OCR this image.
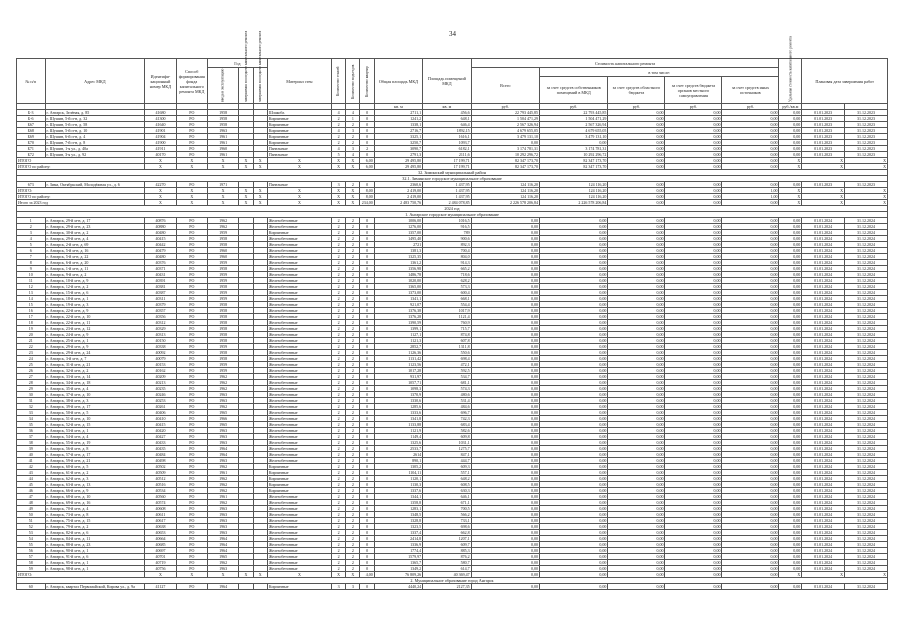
34
№ п/п	Адрес МКД	Идентифи-кационный номер МКД	Способ формирования фонда капитального ремонта МКД	Год			Материал стен	Количество этажей	Количество подъездов	Количество квартир	Общая площадь МКД	Площадь помещений МКД	Стоимость капитального ремонта					Удельная стоимость капитального ремонта	Плановая дата завершения работ	
				ввода в эксплуатацию	завершения последнего капитального ремонта	завершения последнего капитального ремонта							Всего	в том числе:						
														за счет средств собственников помещений в МКД	за счет средств областного бюджета	за счет средств бюджета органов местного самоуправления	за счет средств иных источников			
											кв. м	кв. м	руб.	руб.	руб.	руб.	руб.	руб./кв.м		
Б-3	г. Ангарск, Зелёная, д. 85	41680	РО	1958			Шлакобл.	4	4	0	2711,1	456,6	22 793 445,85	22 793 445,85	0,00	0,00	0,00	0,00	01.01.2023	31.12.2023
Б-6	г. Шушин, 5-й п-н, д. 32	41300	РО	1958			Кирпичные	2	1	0	1241,2	648,1	1 504 471,29	1 504 471,29	0,00	0,00	0,00	0,00	01.01.2023	31.12.2023
Б67	г. Шушин, 5-й п-н, д. 58	41640	РО	1958			Кирпичные	2	2	0	1338,1	646,4	2 567 326,94	2 567 326,94	0,00	0,00	0,00	0,00	01.01.2023	31.12.2023
Б68	г. Шушин, 5-й п-н, д. 10	41901	РО	1963			Кирпичные	4	3	0	2716,7	1892,15	4 679 655,05	4 679 655,05	0,00	0,00	0,00	0,00	01.01.2023	31.12.2023
Б69	г. Шушин, 6-й п-н, д. 4	41904	РО	1961			Кирпичные	2	2	0	3325,1	1616,1	3 479 131,10	3 479 131,10	0,00	0,00	0,00	0,00	01.01.2023	31.12.2023
Б70	г. Шушин, 7-й п-н, д. 8	41900	РО	1961			Кирпичные	2	2	0	3250,7	1093,7	0,00	0,00	0,00	0,00	0,00	0,00	01.01.2023	31.12.2023
Б71	г. Шушин, 1-я ул., д. 40а	41911	РО	1960			Панельные	4	3	2	3090,7	6182,1	3 174 781,31	3 174 781,31	0,00	0,00	0,00	0,00	01.01.2023	31.12.2023
Б72	г. Шушин, 3-я ул., д. 92	40170	РО	1961			Панельные	5	4	0	2791,3	2111,6	10 292 296,72	10 292 296,72	0,00	0,00	0,00	0,00	01.01.2023	31.12.2023
ИТОГО		X	X	X	X	X	X	X	X	6,00	29 495,80	17 199,71	82 347 173,70	82 347 173,70	0,00	0,00	0,00	X	X	X
ИТОГО по району:		X	X	X	X	X	X	X	X	6,00	29 495,80	17 199,71	82 347 173,70	82 347 173,70	0,00	0,00	0,00	X	X	X
32. Зиминский муниципальный район																				
32.1. Зиминское городское муниципальное образование																				
673	г. Зима, Октябрьский, Молодёжная ул., д. 6	42270	РО	1971			Панельные	3	2	0	2360,6	1 437,95	124 116,20	124 116,20	0,00	0,00	0,00	0,00	01.01.2023	31.12.2023
ИТОГО:		X	X	X	X	X	X	X	X	8,00	2 419,00	1 437,95	124 116,20	124 116,20	0,00	0,00	1,00	X	X	X
ИТОГО по району:		X	X	X	X	X	X	X	X	8,00	2 419,00	1 437,95	124 116,20	124 116,20	0,00	0,00	1,00	X	X	X
Итого за 2023 год		X	X	X	X	X	X	X	X	234,00	2 483 750,76	2 484 078,85	2 226 578 206,84	2 226 578 206,84	0,00	0,00	0,00	X	X	X
2024 год																				
1. Ангарское городское муниципальное образование																				
1	г. Ангарск, 29-й м-н, д. 17	40876	РО	1962			Железобетонные	2	2	0	1006,00	1016,5	0,00	0,00	0,00	0,00	0,00	0,00	01.01.2024	31.12.2024
2	г. Ангарск, 29-й м-н, д. 23	40880	РО	1962			Железобетонные	2	2	0	1276,00	916,5	0,00	0,00	0,00	0,00	0,00	0,00	01.01.2024	31.12.2024
3	г. Ангарск, 30-й м-н, д. 2	40480	РО	1959			Кирпичные	2	2	0	1357,00	789	0,00	0,00	0,00	0,00	0,00	0,00	01.01.2024	31.12.2024
4	г. Ангарск, 29-й м-н, д. 4	40415	РО	1958			Железобетонные	2	2	0	1495,40	900,6	0,00	0,00	0,00	0,00	0,00	0,00	01.01.2024	31.12.2024
5	г. Ангарск, 2-й м-н, д. 69	40442	РО	1958			Железобетонные	2	2	0	2721	892,3	0,00	0,00	0,00	0,00	0,00	0,00	01.01.2024	31.12.2024
6	г. Ангарск, 5-й м-н, д. 16	40479	РО	1960			Железобетонные	2	2	0	1381,3	700,4	0,00	0,00	0,00	0,00	0,00	0,00	01.01.2024	31.12.2024
7	г. Ангарск, 5-й м-н, д. 22	40480	РО	1960			Железобетонные	2	2	0	1325,35	804,0	0,00	0,00	0,00	0,00	0,00	0,00	01.01.2024	31.12.2024
8	г. Ангарск, 6-й м-н, д. 20	40376	РО	1959			Железобетонные	2	2	0	1361,2	914,3	0,00	0,00	0,00	0,00	0,00	0,00	01.01.2024	31.12.2024
9	г. Ангарск, 1-й м-н, д. 11	40371	РО	1958			Железобетонные	2	2	0	1356,98	665,2	0,00	0,00	0,00	0,00	0,00	0,00	01.01.2024	31.12.2024
10	г. Ангарск, 9-й м-н, д. 2	40431	РО	1959			Железобетонные	2	2	0	1486,78	718,6	0,00	0,00	0,00	0,00	0,00	0,00	01.01.2024	31.12.2024
11	г. Ангарск, 10-й м-н, д. 9	40391	РО	1959			Железобетонные	2	2	0	1020,00	628,2	0,00	0,00	0,00	0,00	0,00	0,00	01.01.2024	31.12.2024
12	г. Ангарск, 12-й м-н, д. 2	40381	РО	1958			Железобетонные	2	2	0	1365,00	573,3	0,00	0,00	0,00	0,00	0,00	0,00	01.01.2024	31.12.2024
13	г. Ангарск, 15-й м-н, д. 6	40387	РО	1959			Железобетонные	2	2	0	1373,00	600,4	0,00	0,00	0,00	0,00	0,00	0,00	01.01.2024	31.12.2024
14	г. Ангарск, 18-й м-н, д. 1	40311	РО	1959			Железобетонные	2	2	0	1341,1	668,1	0,00	0,00	0,00	0,00	0,00	0,00	01.01.2024	31.12.2024
15	г. Ангарск, 19-й м-н, д. 3	40379	РО	1958			Железобетонные	2	2	0	921,07	554,4	0,00	0,00	0,00	0,00	0,00	0,00	01.01.2024	31.12.2024
16	г. Ангарск, 22-й м-н, д. 9	40357	РО	1958			Железобетонные	2	2	0	1376,38	1017,9	0,00	0,00	0,00	0,00	0,00	0,00	01.01.2024	31.12.2024
17	г. Ангарск, 22-й м-н, д. 10	40356	РО	1958			Железобетонные	2	2	0	1376,28	1121,4	0,00	0,00	0,00	0,00	0,00	0,00	01.01.2024	31.12.2024
18	г. Ангарск, 22-й м-н, д. 11	40312	РО	1958			Железобетонные	2	2	0	1390,59	760,9	0,00	0,00	0,00	0,00	0,00	0,00	01.01.2024	31.12.2024
19	г. Ангарск, 23-й м-н, д. 12	40329	РО	1958			Железобетонные	2	2	0	1399,1	715,7	0,00	0,00	0,00	0,00	0,00	0,00	01.01.2024	31.12.2024
20	г. Ангарск, 24-й м-н, д. 9	40313	РО	1958			Железобетонные	2	2	0	1127,1	874,8	0,00	0,00	0,00	0,00	0,00	0,00	01.01.2024	31.12.2024
21	г. Ангарск, 25-й м-н, д. 1	40150	РО	1958			Железобетонные	2	2	0	1121,3	607,8	0,00	0,00	0,00	0,00	0,00	0,00	01.01.2024	31.12.2024
22	г. Ангарск, 29-й м-н, д. 9	40338	РО	1959			Железобетонные	2	2	0	2852,7	1311,8	0,00	0,00	0,00	0,00	0,00	0,00	01.01.2024	31.12.2024
23	г. Ангарск, 29-й м-н, д. 24	40092	РО	1958			Железобетонные	2	2	0	1126,36	550,6	0,00	0,00	0,00	0,00	0,00	0,00	01.01.2024	31.12.2024
24	г. Ангарск, 3-й м-н, д. 7	40079	РО	1958			Железобетонные	2	2	0	1131,42	698,4	0,00	0,00	0,00	0,00	0,00	0,00	01.01.2024	31.12.2024
25	г. Ангарск, 31-й м-н, д. 21	40153	РО	1959			Железобетонные	2	2	0	1123,56	472,1	0,00	0,00	0,00	0,00	0,00	0,00	01.01.2024	31.12.2024
26	г. Ангарск, 32-й м-н, д. 2	40162	РО	1959			Железобетонные	2	2	0	1017,28	592,5	0,00	0,00	0,00	0,00	0,00	0,00	01.01.2024	31.12.2024
27	г. Ангарск, 33-й м-н, д. 14	40209	РО	1962			Железобетонные	2	2	0	931,97	534,7	0,00	0,00	0,00	0,00	0,00	0,00	01.01.2024	31.12.2024
28	г. Ангарск, 34-й м-н, д. 18	40213	РО	1962			Железобетонные	2	2	0	1057,71	681,1	0,00	0,00	0,00	0,00	0,00	0,00	01.01.2024	31.12.2024
29	г. Ангарск, 35-й м-н, д. 4	40235	РО	1962			Железобетонные	2	2	0	1098,3	574,3	0,00	0,00	0,00	0,00	0,00	0,00	01.01.2024	31.12.2024
30	г. Ангарск, 37-й м-н, д. 10	40246	РО	1963			Железобетонные	2	2	0	1370,9	480,6	0,00	0,00	0,00	0,00	0,00	0,00	01.01.2024	31.12.2024
31	г. Ангарск, 38-й м-н, д. 3	40253	РО	1963			Железобетонные	2	2	0	1330,6	531,4	0,00	0,00	0,00	0,00	0,00	0,00	01.01.2024	31.12.2024
32	г. Ангарск, 39-й м-н, д. 17	40261	РО	1962			Железобетонные	2	2	0	1285,6	484,6	0,00	0,00	0,00	0,00	0,00	0,00	01.01.2024	31.12.2024
33	г. Ангарск, 50-й м-н, д. 5	40406	РО	1965			Железобетонные	2	2	0	1333,6	696,7	0,00	0,00	0,00	0,00	0,00	0,00	01.01.2024	31.12.2024
34	г. Ангарск, 51-й м-н, д. 10	40410	РО	1966			Железобетонные	2	2	0	1341,8	742,3	0,00	0,00	0,00	0,00	0,00	0,00	01.01.2024	31.12.2024
35	г. Ангарск, 52-й м-н, д. 15	40415	РО	1965			Железобетонные	2	2	0	1133,88	683,4	0,00	0,00	0,00	0,00	0,00	0,00	01.01.2024	31.12.2024
36	г. Ангарск, 53-й м-н, д. 1	40420	РО	1963			Железобетонные	2	2	0	1121,9	582,6	0,00	0,00	0,00	0,00	0,00	0,00	01.01.2024	31.12.2024
37	г. Ангарск, 54-й м-н, д. 4	40427	РО	1963			Железобетонные	2	2	0	1149,4	609,8	0,00	0,00	0,00	0,00	0,00	0,00	01.01.2024	31.12.2024
38	г. Ангарск, 55-й м-н, д. 19	40433	РО	1963			Железобетонные	2	2	0	1325,6	1031,1	0,00	0,00	0,00	0,00	0,00	0,00	01.01.2024	31.12.2024
39	г. Ангарск, 56-й м-н, д. 8	40435	РО	1964			Железобетонные	2	2	0	2533,7	1275,7	0,00	0,00	0,00	0,00	0,00	0,00	01.01.2024	31.12.2024
40	г. Ангарск, 57-й м-н, д. 17	40484	РО	1964			Железобетонные	2	2	0	2614	847,1	0,00	0,00	0,00	0,00	0,00	0,00	01.01.2024	31.12.2024
41	г. Ангарск, 59-й м-н, д. 21	40498	РО	1963			Железобетонные	2	2	0	890,1	444,7	0,00	0,00	0,00	0,00	0,00	0,00	01.01.2024	31.12.2024
42	г. Ангарск, 60-й м-н, д. 5	40502	РО	1962			Кирпичные	2	2	0	1305,2	609,3	0,00	0,00	0,00	0,00	0,00	0,00	01.01.2024	31.12.2024
43	г. Ангарск, 61-й м-н, д. 2	40509	РО	1961			Кирпичные	2	2	0	1104,11	557,1	0,00	0,00	0,00	0,00	0,00	0,00	01.01.2024	31.12.2024
44	г. Ангарск, 62-й м-н, д. 3	40512	РО	1962			Кирпичные	2	2	0	1120,1	648,2	0,00	0,00	0,00	0,00	0,00	0,00	01.01.2024	31.12.2024
45	г. Ангарск, 63-й м-н, д. 13	40516	РО	1962			Кирпичные	2	2	0	1130,3	608,5	0,00	0,00	0,00	0,00	0,00	0,00	01.01.2024	31.12.2024
46	г. Ангарск, 66-й м-н, д. 9	40534	РО	1962			Кирпичные	2	2	0	1337,6	630,3	0,00	0,00	0,00	0,00	0,00	0,00	01.01.2024	31.12.2024
47	г. Ангарск, 68-й м-н, д. 10	40560	РО	1961			Железобетонные	2	2	0	1344,1	646,1	0,00	0,00	0,00	0,00	0,00	0,00	01.01.2024	31.12.2024
48	г. Ангарск, 69-й м-н, д. 16	40574	РО	1962			Железобетонные	2	2	0	1358,8	671,1	0,00	0,00	0,00	0,00	0,00	0,00	01.01.2024	31.12.2024
49	г. Ангарск, 70-й м-н, д. 4	40608	РО	1963			Железобетонные	2	2	0	1283,1	700,5	0,00	0,00	0,00	0,00	0,00	0,00	01.01.2024	31.12.2024
50	г. Ангарск, 73-й м-н, д. 8	40611	РО	1963			Железобетонные	2	2	0	1348,5	566,2	0,00	0,00	0,00	0,00	0,00	0,00	01.01.2024	31.12.2024
51	г. Ангарск, 75-й м-н, д. 15	40617	РО	1963			Железобетонные	2	2	0	1328,8	733,1	0,00	0,00	0,00	0,00	0,00	0,00	01.01.2024	31.12.2024
52	г. Ангарск, 79-й м-н, д. 2	40638	РО	1963			Железобетонные	2	2	0	1323,5	698,6	0,00	0,00	0,00	0,00	0,00	0,00	01.01.2024	31.12.2024
53	г. Ангарск, 82-й м-н, д. 6	40653	РО	1963			Железобетонные	2	2	0	1337,4	662,8	0,00	0,00	0,00	0,00	0,00	0,00	01.01.2024	31.12.2024
54	г. Ангарск, 84-й м-н, д. 11	40664	РО	1964			Железобетонные	2	2	0	2414,8	1207,1	0,00	0,00	0,00	0,00	0,00	0,00	01.01.2024	31.12.2024
55	г. Ангарск, 88-й м-н, д. 23	40685	РО	1964			Железобетонные	2	2	0	1336,9	609,7	0,00	0,00	0,00	0,00	0,00	0,00	01.01.2024	31.12.2024
56	г. Ангарск, 90-й м-н, д. 1	40697	РО	1964			Железобетонные	2	2	0	1774,4	885,3	0,00	0,00	0,00	0,00	0,00	0,00	01.01.2024	31.12.2024
57	г. Ангарск, 91-й м-н, д. 6	40701	РО	1965			Железобетонные	2	2	0	1579,97	876,2	0,00	0,00	0,00	0,00	0,00	0,00	01.01.2024	31.12.2024
58	г. Ангарск, 95-й м-н, д. 1	40719	РО	1962			Железобетонные	2	2	0	1365,7	580,7	0,00	0,00	0,00	0,00	0,00	0,00	01.01.2024	31.12.2024
59	г. Ангарск, 98-й м-н, д. 1	40756	РО	1963			Железобетонные	2	2	0	1349,2	614,7	0,00	0,00	0,00	0,00	0,00	0,00	01.01.2024	31.12.2024
ИТОГО:		X	X	X	X	X	X	X	X	4,00	76 809,26	40 369,47	0,00	0,00	0,00	0,00	0,00	X	X	X
2. Муниципальное образование город Ангарск																				
60	г. Ангарск, квартал Первомайский, Кирова ул., д. 9а	41127	РО	1964			Кирпичные	3	3	0	4440,24	2127,35	0,00	0,00	0,00	0,00	0,00	0,00	01.01.2024	31.12.2024
